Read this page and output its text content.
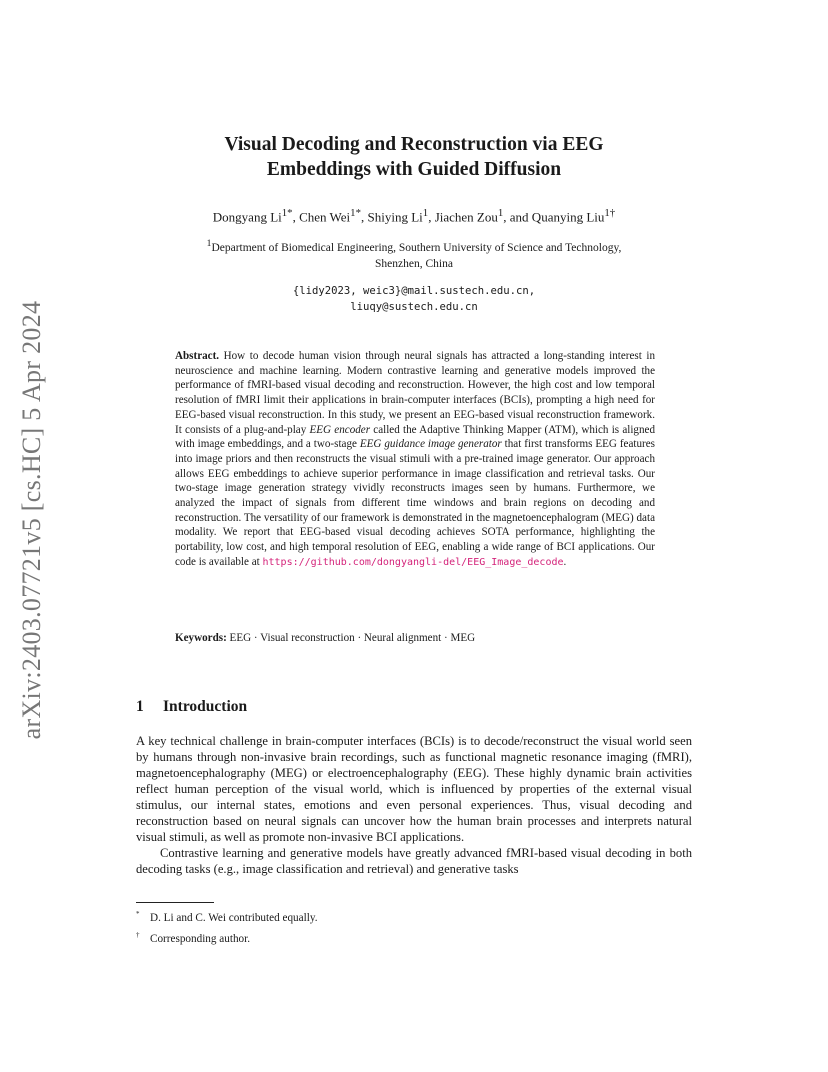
arXiv:2403.07721v5 [cs.HC] 5 Apr 2024
Visual Decoding and Reconstruction via EEG
Embeddings with Guided Diffusion
Dongyang $Li^{1*}$, Chen Wei$^{1*}$, Shiying Li$^1$, Jiachen Zou$^1$, and Quanying Liu$^{1\dagger}$
$^1$Department of Biomedical Engineering, Southern University of Science and Technology,
Shenzhen, China
{lidy2023, weic3}@mail.sustech.edu.cn,
liuqy@sustech.edu.cn
Abstract. How to decode human vision through neural signals has attracted a long-standing interest in neuroscience and machine learning. Modern contrastive learning and generative models improved the performance of fMRI-based visual decoding and reconstruction. However, the high cost and low temporal resolution of fMRI limit their applications in brain-computer interfaces (BCIs), prompting a high need for EEG-based visual reconstruction. In this study, we present an EEG-based visual reconstruction framework. It consists of a plug-and-play EEG encoder called the Adaptive Thinking Mapper (ATM), which is aligned with image embeddings, and a two-stage EEG guidance image generator that first transforms EEG features into image priors and then reconstructs the visual stimuli with a pre-trained image generator. Our approach allows EEG embeddings to achieve superior performance in image classification and retrieval tasks. Our two-stage image generation strategy vividly reconstructs images seen by humans. Furthermore, we analyzed the impact of signals from different time windows and brain regions on decoding and reconstruction. The versatility of our framework is demonstrated in the magnetoencephalogram (MEG) data modality. We report that EEG-based visual decoding achieves SOTA performance, highlighting the portability, low cost, and high temporal resolution of EEG, enabling a wide range of BCI applications. Our code is available at https://github.com/dongyangli-del/EEG_Image_decode.
Keywords: EEG · Visual reconstruction · Neural alignment · MEG
1 Introduction

A key technical challenge in brain-computer interfaces (BCIs) is to decode/reconstruct the visual world seen by humans through non-invasive brain recordings, such as functional magnetic resonance imaging (fMRI), magnetoencephalography (MEG) or electroencephalography (EEG). These highly dynamic brain activities reflect human perception of the visual world, which is influenced by properties of the external visual stimulus, our internal states, emotions and even personal experiences. Thus, visual decoding and reconstruction based on neural signals can uncover how the human brain processes and interprets natural visual stimuli, as well as promote non-invasive BCI applications.

Contrastive learning and generative models have greatly advanced fMRI-based visual decoding in both decoding tasks (e.g., image classification and retrieval) and generative tasks

* D. Li and C. Wei contributed equally.
† Corresponding author.
